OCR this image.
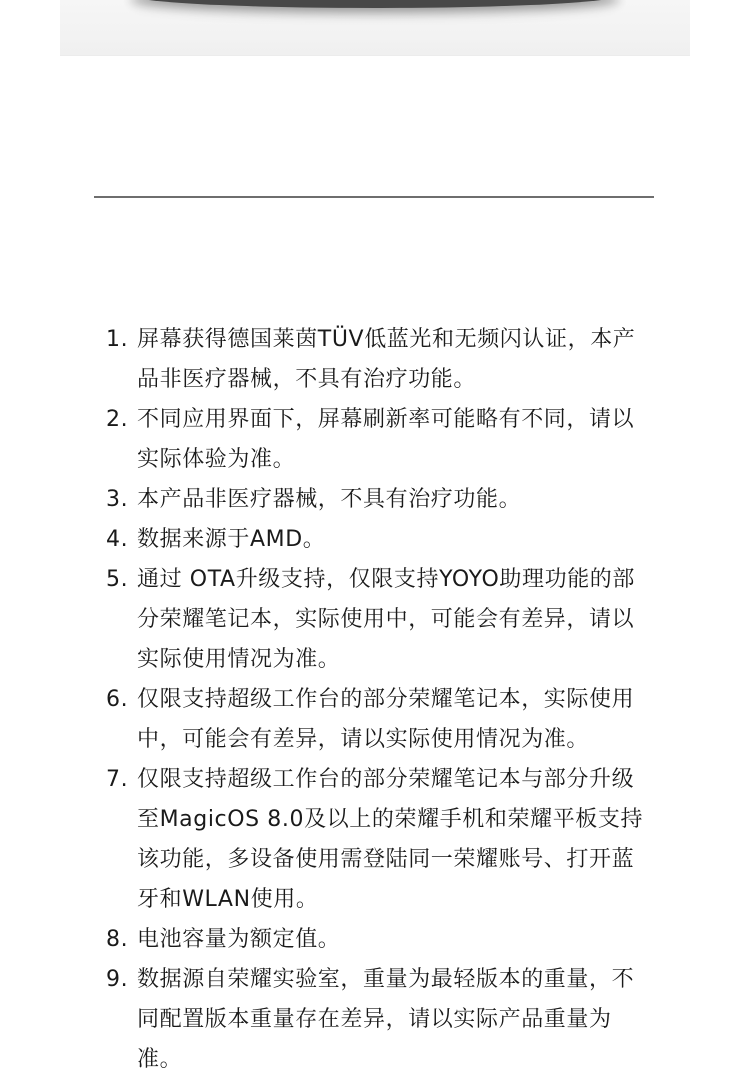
1. 屏幕获得德国莱茵TÜV低蓝光和无频闪认证，本产品非医疗器械，不具有治疗功能。
2. 不同应用界面下，屏幕刷新率可能略有不同，请以实际体验为准。
3. 本产品非医疗器械，不具有治疗功能。
4. 数据来源于AMD。
5. 通过 OTA升级支持，仅限支持YOYO助理功能的部分荣耀笔记本，实际使用中，可能会有差异，请以实际使用情况为准。
6. 仅限支持超级工作台的部分荣耀笔记本，实际使用中，可能会有差异，请以实际使用情况为准。
7. 仅限支持超级工作台的部分荣耀笔记本与部分升级至MagicOS 8.0及以上的荣耀手机和荣耀平板支持该功能，多设备使用需登陆同一荣耀账号、打开蓝牙和WLAN使用。
8. 电池容量为额定值。
9. 数据源自荣耀实验室，重量为最轻版本的重量，不同配置版本重量存在差异，请以实际产品重量为准。
